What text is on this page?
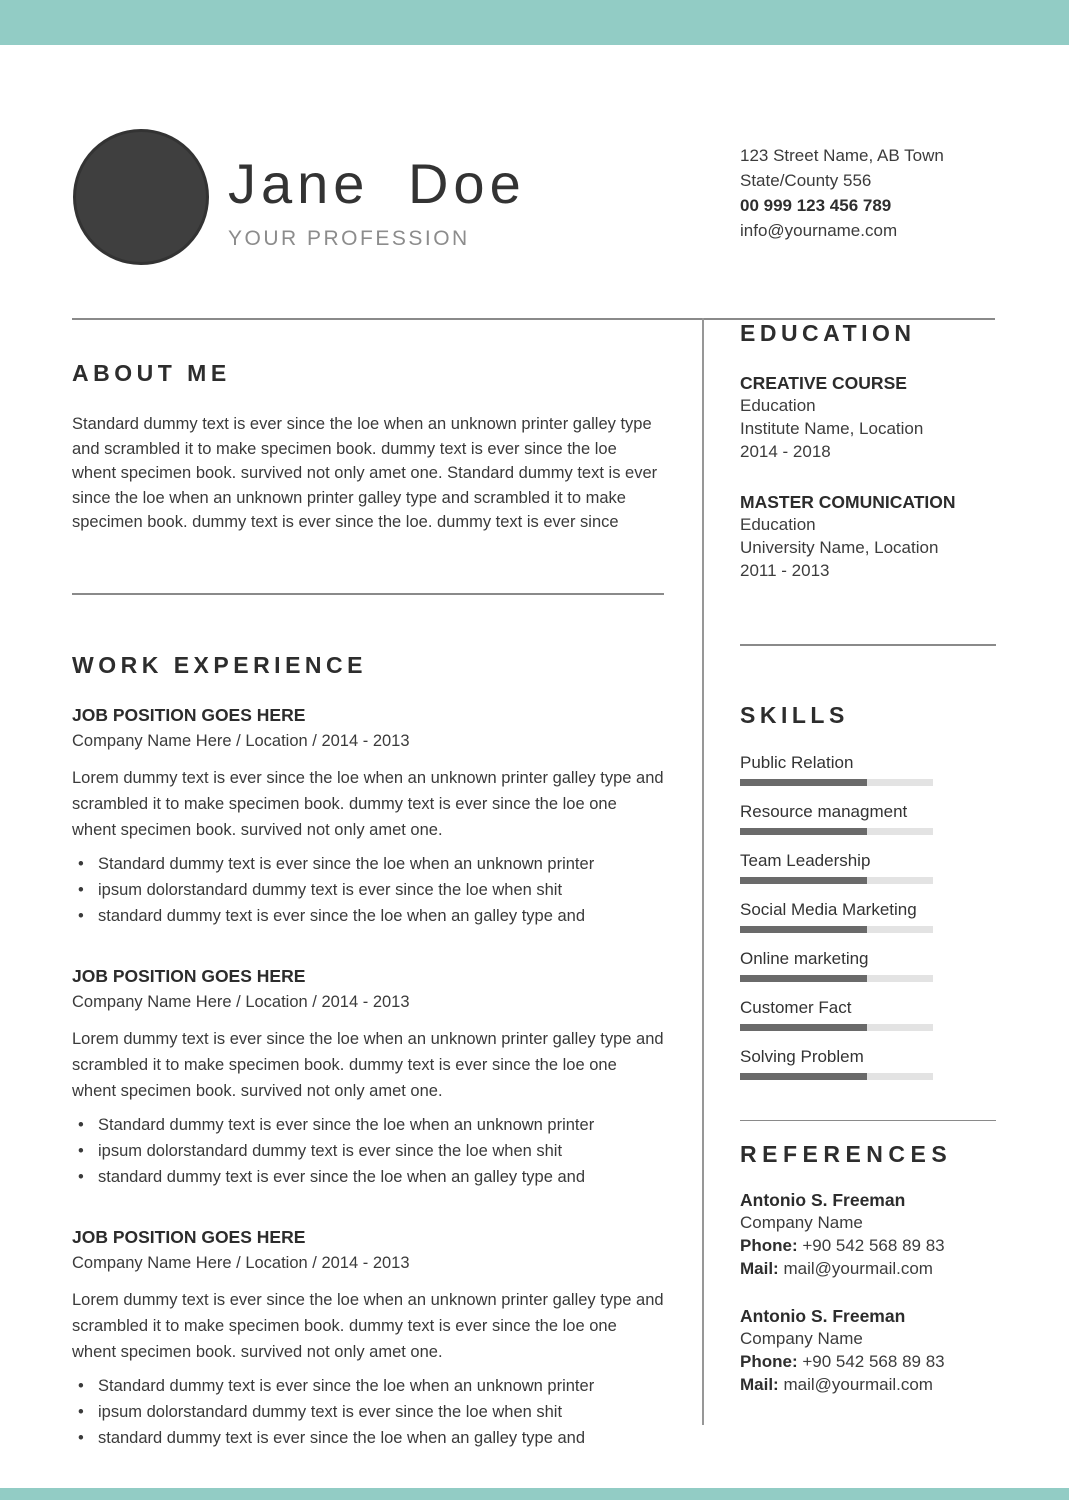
Jane Doe
YOUR PROFESSION
123 Street Name, AB Town
State/County 556
00 999 123 456 789
info@yourname.com
ABOUT ME

Standard dummy text is ever since the loe when an unknown printer galley type and scrambled it to make specimen book. dummy text is ever since the loe whent specimen book. survived not only amet one. Standard dummy text is ever since the loe when an unknown printer galley type and scrambled it to make specimen book. dummy text is ever since the loe. dummy text is ever since

WORK EXPERIENCE
JOB POSITION GOES HERE
Company Name Here / Location / 2014 - 2013

Lorem dummy text is ever since the loe when an unknown printer galley type and scrambled it to make specimen book. dummy text is ever since the loe one whent specimen book. survived not only amet one.

• Standard dummy text is ever since the loe when an unknown printer
• ipsum dolorstandard dummy text is ever since the loe when shit
• standard dummy text is ever since the loe when an galley type and
JOB POSITION GOES HERE
Company Name Here / Location / 2014 - 2013

Lorem dummy text is ever since the loe when an unknown printer galley type and scrambled it to make specimen book. dummy text is ever since the loe one whent specimen book. survived not only amet one.

• Standard dummy text is ever since the loe when an unknown printer
• ipsum dolorstandard dummy text is ever since the loe when shit
• standard dummy text is ever since the loe when an galley type and
JOB POSITION GOES HERE
Company Name Here / Location / 2014 - 2013

Lorem dummy text is ever since the loe when an unknown printer galley type and scrambled it to make specimen book. dummy text is ever since the loe one whent specimen book. survived not only amet one.

• Standard dummy text is ever since the loe when an unknown printer
• ipsum dolorstandard dummy text is ever since the loe when shit
• standard dummy text is ever since the loe when an galley type and
EDUCATION
CREATIVE COURSE
Education
Institute Name, Location
2014 - 2018
MASTER COMUNICATION
Education
University Name, Location
2011 - 2013
SKILLS
Public Relation
Resource managment
Team Leadership
Social Media Marketing
Online marketing
Customer Fact
Solving Problem
REFERENCES
Antonio S. Freeman
Company Name
Phone: +90 542 568 89 83
Mail: mail@yourmail.com
Antonio S. Freeman
Company Name
Phone: +90 542 568 89 83
Mail: mail@yourmail.com
